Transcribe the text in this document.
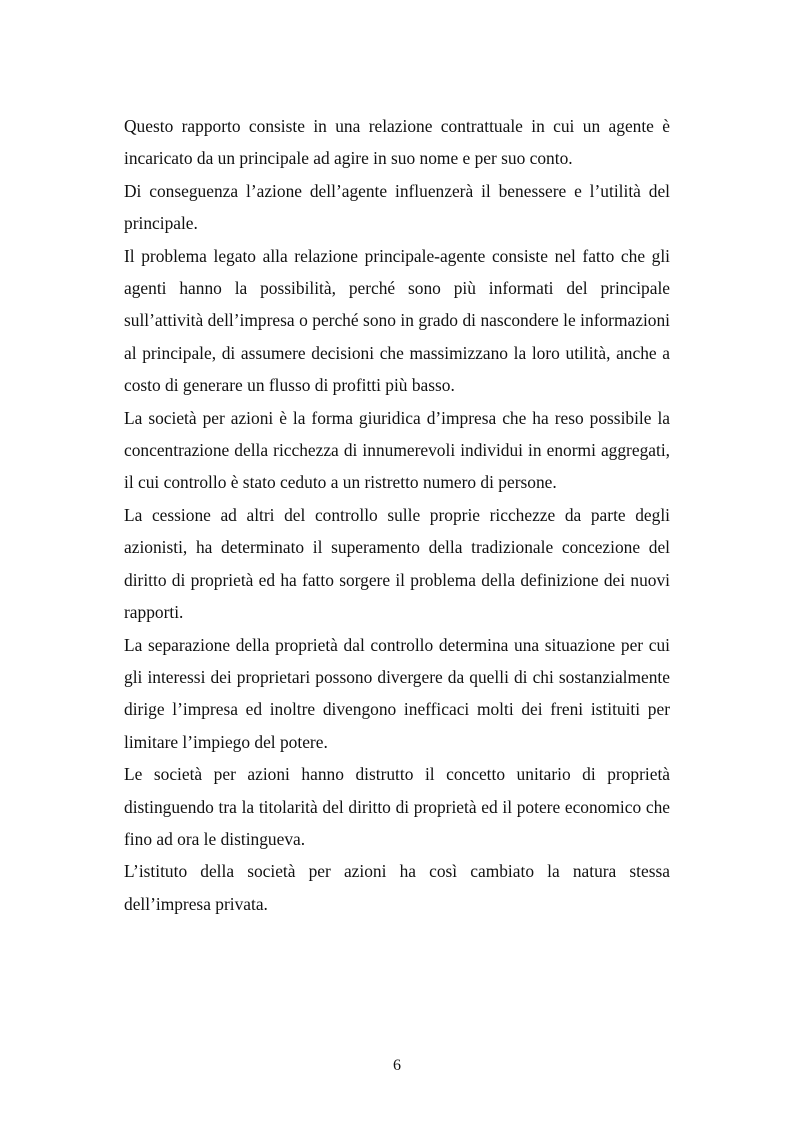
Questo rapporto consiste in una relazione contrattuale in cui un agente è incaricato da un principale ad agire in suo nome e per suo conto.

Di conseguenza l’azione dell’agente influenzerà il benessere e l’utilità del principale.

Il problema legato alla relazione principale-agente consiste nel fatto che gli agenti hanno la possibilità, perché sono più informati del principale sull’attività dell’impresa o perché sono in grado di nascondere le informazioni al principale, di assumere decisioni che massimizzano la loro utilità, anche a costo di generare un flusso di profitti più basso.

La società per azioni è la forma giuridica d’impresa che ha reso possibile la concentrazione della ricchezza di innumerevoli individui in enormi aggregati, il cui controllo è stato ceduto a un ristretto numero di persone.

La cessione ad altri del controllo sulle proprie ricchezze da parte degli azionisti, ha determinato il superamento della tradizionale concezione del diritto di proprietà ed ha fatto sorgere il problema della definizione dei nuovi rapporti.

La separazione della proprietà dal controllo determina una situazione per cui gli interessi dei proprietari possono divergere da quelli di chi sostanzialmente dirige l’impresa ed inoltre divengono inefficaci molti dei freni istituiti per limitare l’impiego del potere.

Le società per azioni hanno distrutto il concetto unitario di proprietà distinguendo tra la titolarità del diritto di proprietà ed il potere economico che fino ad ora le distingueva.

L’istituto della società per azioni ha così cambiato la natura stessa dell’impresa privata.

6
